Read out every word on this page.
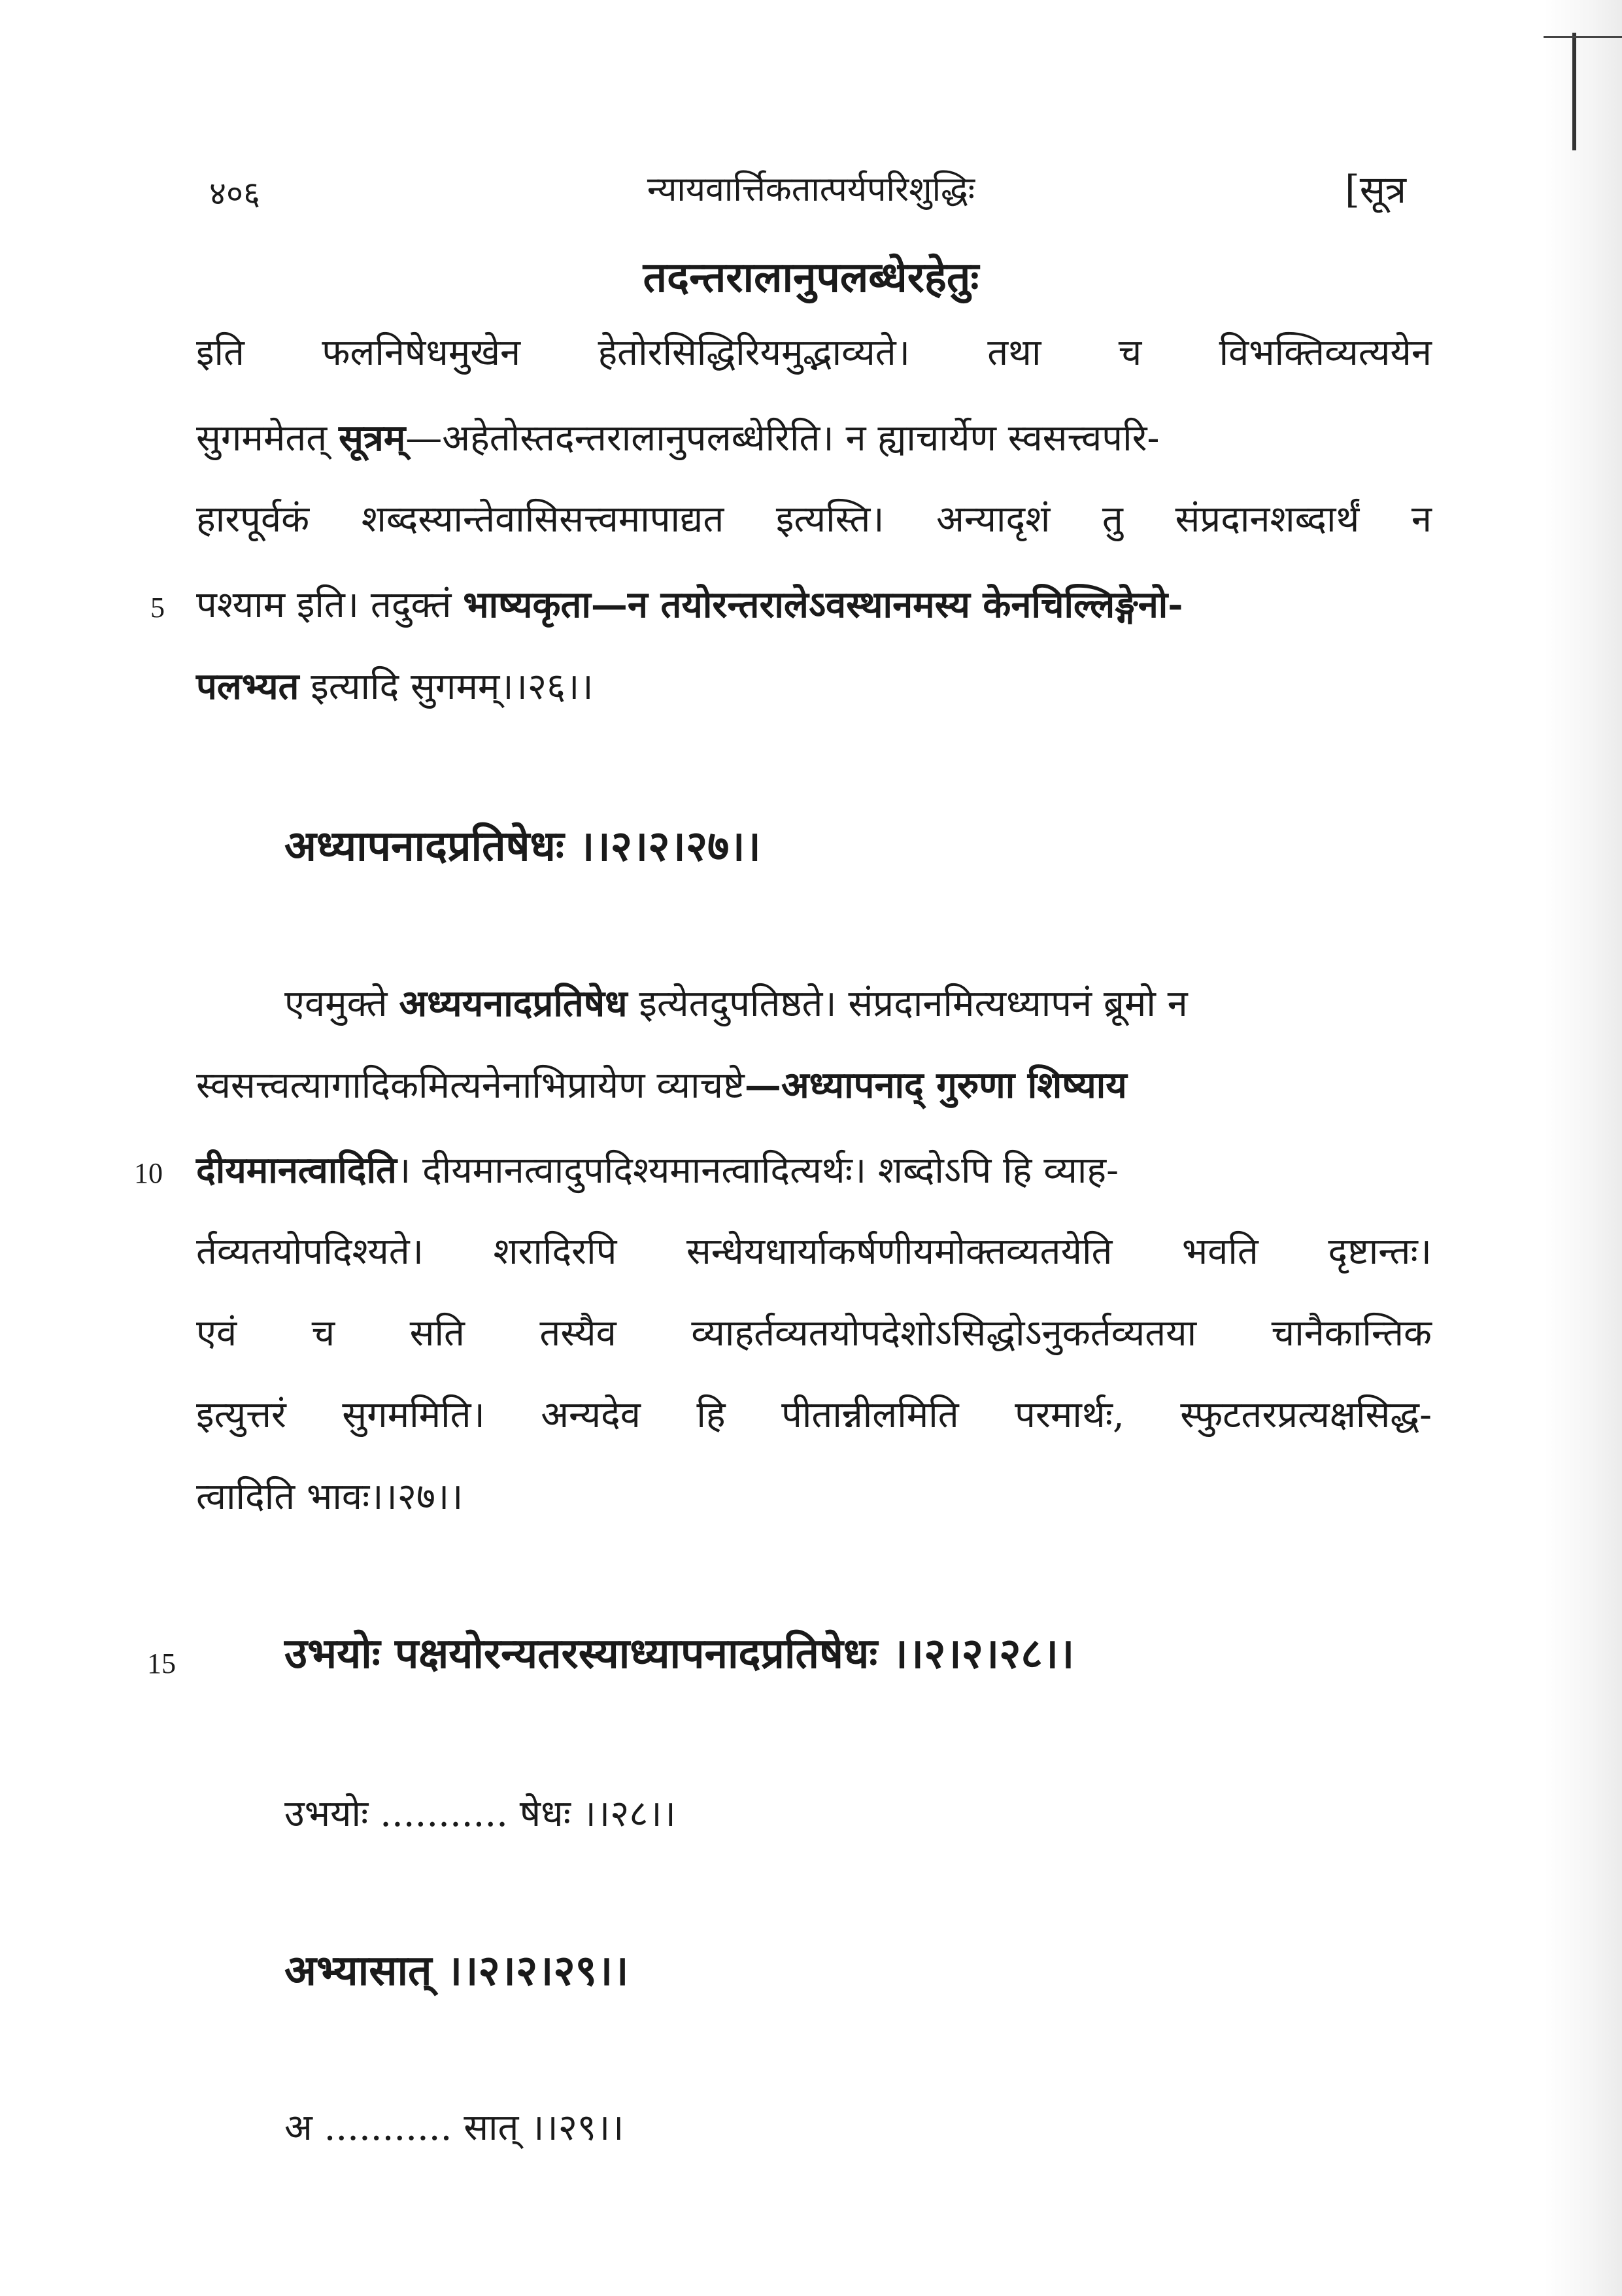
४०६	न्यायवार्त्तिकतात्पर्यपरिशुद्धिः	[सूत्र
तदन्तरालानुपलब्धेरहेतुः
इति फलनिषेधमुखेन हेतोरसिद्धिरियमुद्भाव्यते। तथा च विभक्तिव्यत्ययेन
सुगममेतत् सूत्रम्—अहेतोस्तदन्तरालानुपलब्धेरिति। न ह्याचार्येण स्वसत्त्वपरि-
हारपूर्वकं शब्दस्यान्तेवासिसत्त्वमापाद्यत इत्यस्ति। अन्यादृशं तु संप्रदानशब्दार्थं न
5 पश्याम इति। तदुक्तं भाष्यकृता—न तयोरन्तरालेऽवस्थानमस्य केनचिल्लिङ्गेनो-
पलभ्यत इत्यादि सुगमम्।।२६।।
अध्यापनादप्रतिषेधः ।।२।२।२७।।
एवमुक्ते अध्ययनादप्रतिषेध इत्येतदुपतिष्ठते। संप्रदानमित्यध्यापनं ब्रूमो न
स्वसत्त्वत्यागादिकमित्यनेनाभिप्रायेण व्याचष्टे—अध्यापनाद् गुरुणा शिष्याय
10 दीयमानत्वादिति। दीयमानत्वादुपदिश्यमानत्वादित्यर्थः। शब्दोऽपि हि व्याह-
र्तव्यतयोपदिश्यते। शरादिरपि सन्धेयधार्याकर्षणीयमोक्तव्यतयेति भवति दृष्टान्तः।
एवं च सति तस्यैव व्याहर्तव्यतयोपदेशोऽसिद्धोऽनुकर्तव्यतया चानैकान्तिक
इत्युत्तरं सुगममिति। अन्यदेव हि पीतान्नीलमिति परमार्थः, स्फुटतरप्रत्यक्षसिद्ध-
त्वादिति भावः।।२७।।
15	उभयोः पक्षयोरन्यतरस्याध्यापनादप्रतिषेधः ।।२।२।२८।।
उभयोः ........... षेधः ।।२८।।
अभ्यासात् ।।२।२।२९।।
अ ........... सात् ।।२९।।
